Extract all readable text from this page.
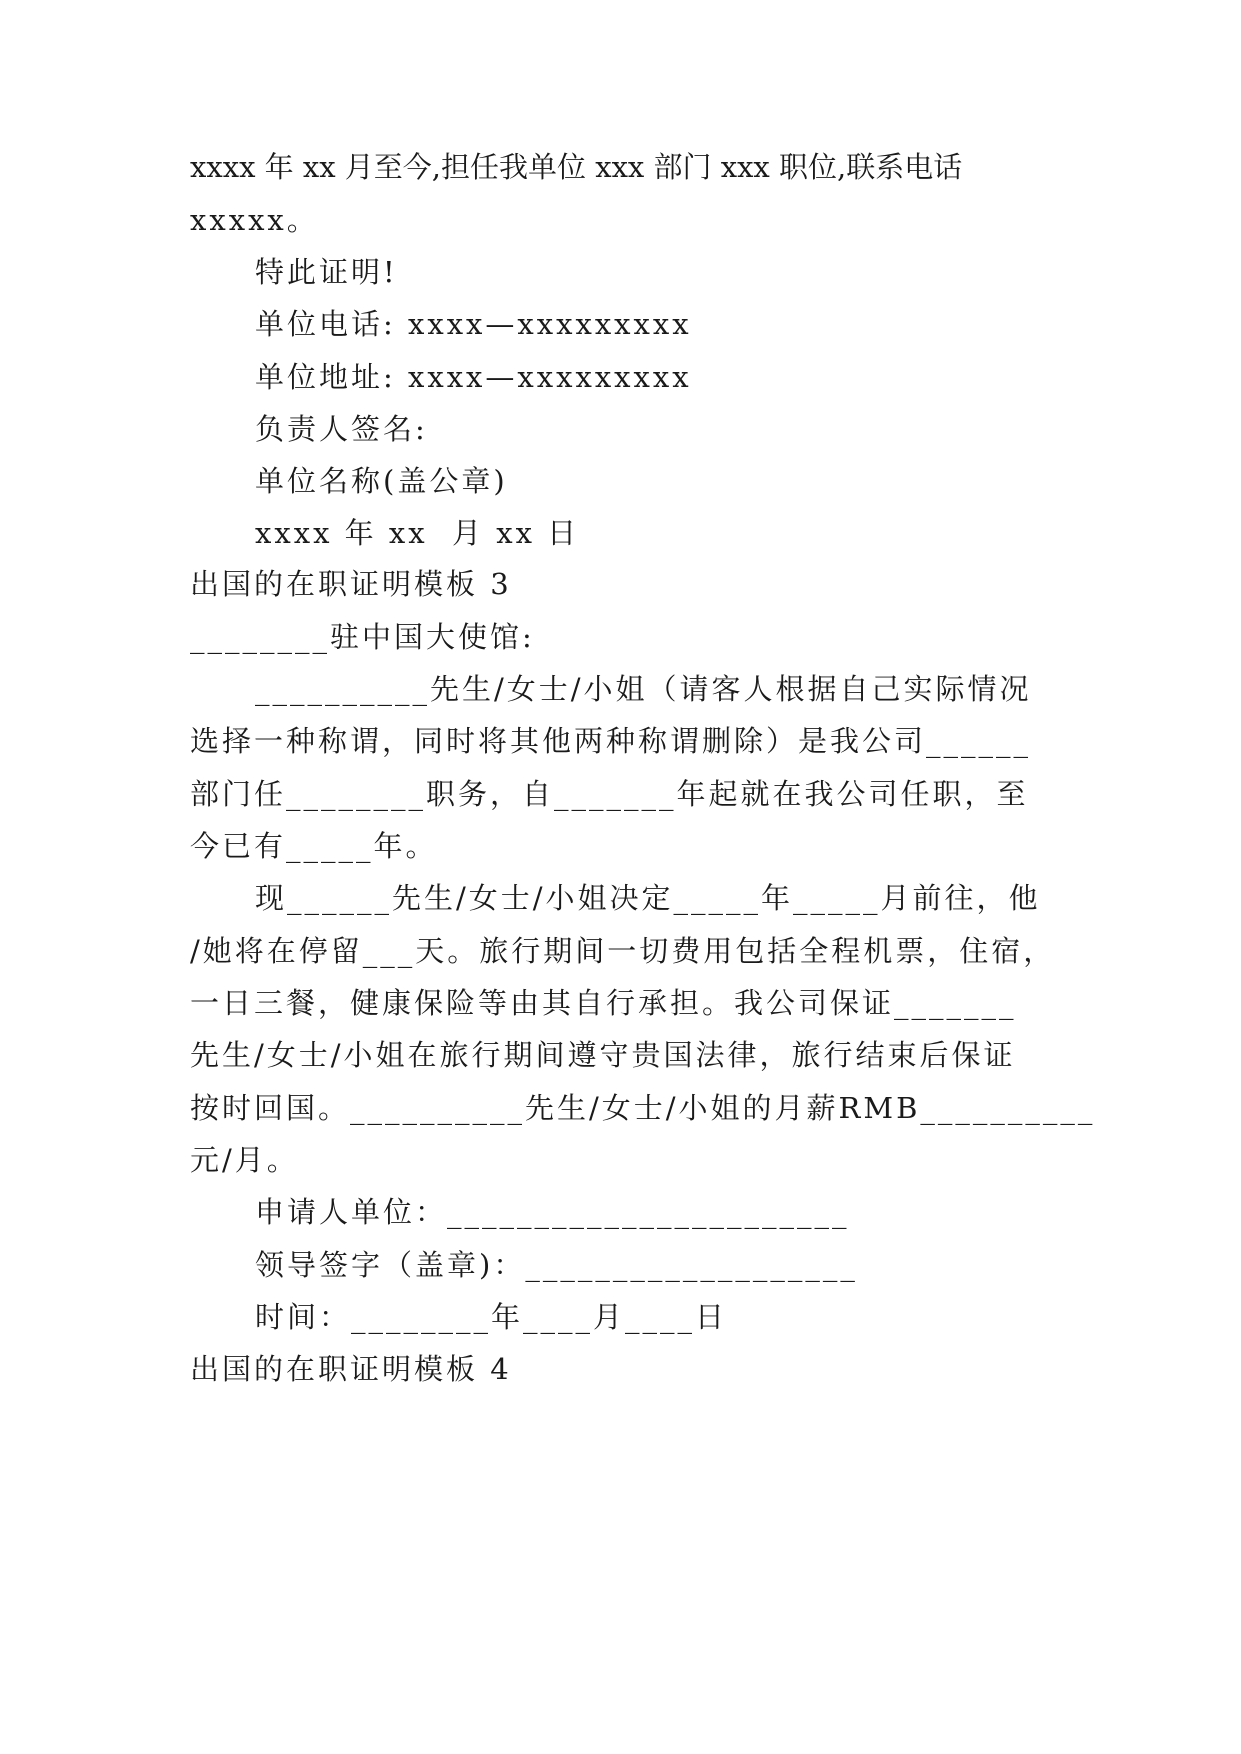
xxxx 年 xx 月至今,担任我单位 xxx 部门 xxx 职位,联系电话
xxxxx。
特此证明!
单位电话: xxxx—xxxxxxxxx
单位地址: xxxx—xxxxxxxxx
负责人签名:
单位名称(盖公章)
xxxx 年 xx  月 xx 日
出国的在职证明模板 3
________驻中国大使馆:
__________先生/女士/小姐（请客人根据自己实际情况
选择一种称谓，同时将其他两种称谓删除）是我公司______
部门任________职务，自_______年起就在我公司任职，至
今已有_____年。
现______先生/女士/小姐决定_____年_____月前往，他
/她将在停留___天。旅行期间一切费用包括全程机票，住宿，
一日三餐，健康保险等由其自行承担。我公司保证_______
先生/女士/小姐在旅行期间遵守贵国法律，旅行结束后保证
按时回国。__________先生/女士/小姐的月薪RMB__________
元/月。
申请人单位：_______________________
领导签字（盖章)：___________________
时间：________年____月____日
出国的在职证明模板 4
